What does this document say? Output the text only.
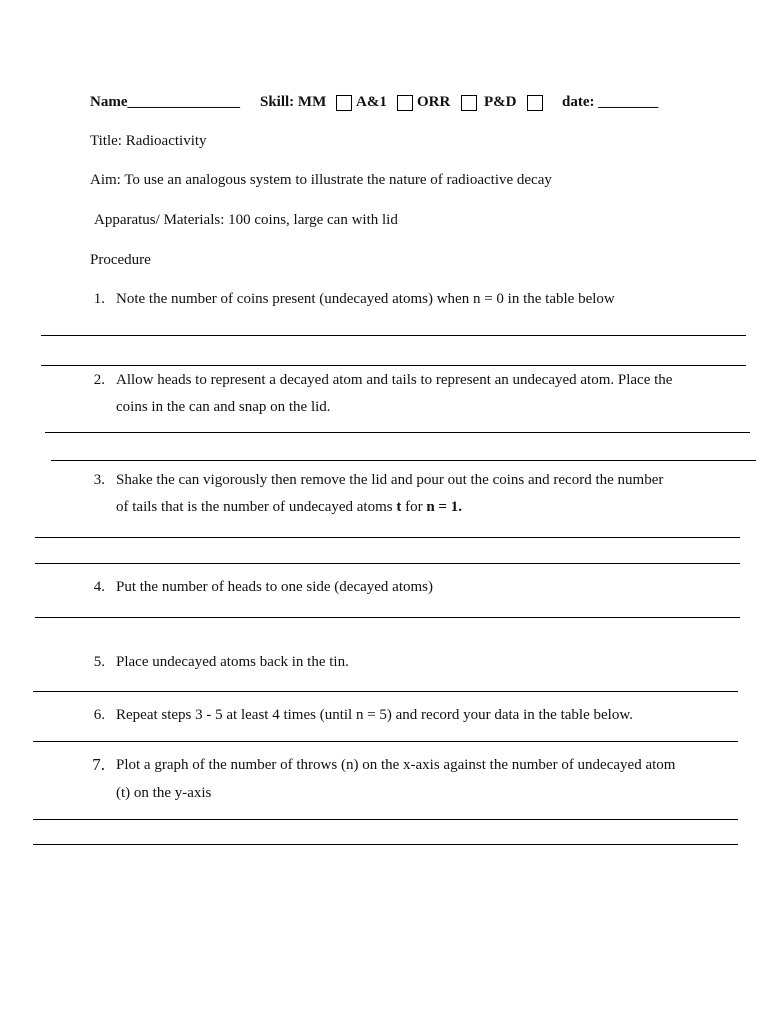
Name_______________ Skill: MM A&1 ORR P&D	date: ________
Title: Radioactivity
Aim: To use an analogous system to illustrate the nature of radioactive decay
Apparatus/ Materials: 100 coins, large can with lid
Procedure
1. Note the number of coins present (undecayed atoms) when n = 0 in the table below
2. Allow heads to represent a decayed atom and tails to represent an undecayed atom. Place the
coins in the can and snap on the lid.
3. Shake the can vigorously then remove the lid and pour out the coins and record the number
of tails that is the number of undecayed atoms t for n = 1.
4. Put the number of heads to one side (decayed atoms)
5. Place undecayed atoms back in the tin.
6. Repeat steps 3 - 5 at least 4 times (until n = 5) and record your data in the table below.
7. Plot a graph of the number of throws (n) on the x-axis against the number of undecayed atom
(t) on the y-axis
